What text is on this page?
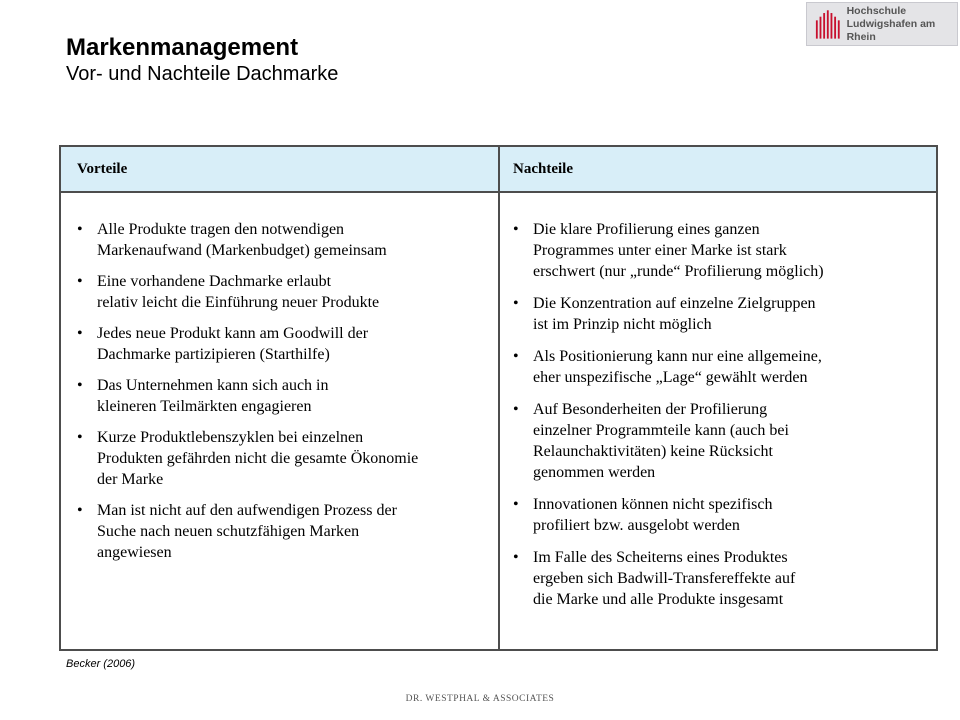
Markenmanagement
Vor- und Nachteile Dachmarke
Hochschule
Ludwigshafen am Rhein
Vorteile	Nachteile
• Alle Produkte tragen den notwendigen
Markenaufwand (Markenbudget) gemeinsam
• Eine vorhandene Dachmarke erlaubt
relativ leicht die Einführung neuer Produkte
• Jedes neue Produkt kann am Goodwill der
Dachmarke partizipieren (Starthilfe)
• Das Unternehmen kann sich auch in
kleineren Teilmärkten engagieren
• Kurze Produktlebenszyklen bei einzelnen
Produkten gefährden nicht die gesamte Ökonomie
der Marke
• Man ist nicht auf den aufwendigen Prozess der
Suche nach neuen schutzfähigen Marken
angewiesen
• Die klare Profilierung eines ganzen
Programmes unter einer Marke ist stark
erschwert (nur „runde“ Profilierung möglich)
• Die Konzentration auf einzelne Zielgruppen
ist im Prinzip nicht möglich
• Als Positionierung kann nur eine allgemeine,
eher unspezifische „Lage“ gewählt werden
• Auf Besonderheiten der Profilierung
einzelner Programmteile kann (auch bei
Relaunchaktivitäten) keine Rücksicht
genommen werden
• Innovationen können nicht spezifisch
profiliert bzw. ausgelobt werden
• Im Falle des Scheiterns eines Produktes
ergeben sich Badwill-Transfereffekte auf
die Marke und alle Produkte insgesamt
Becker (2006)
DR. WESTPHAL & ASSOCIATES
